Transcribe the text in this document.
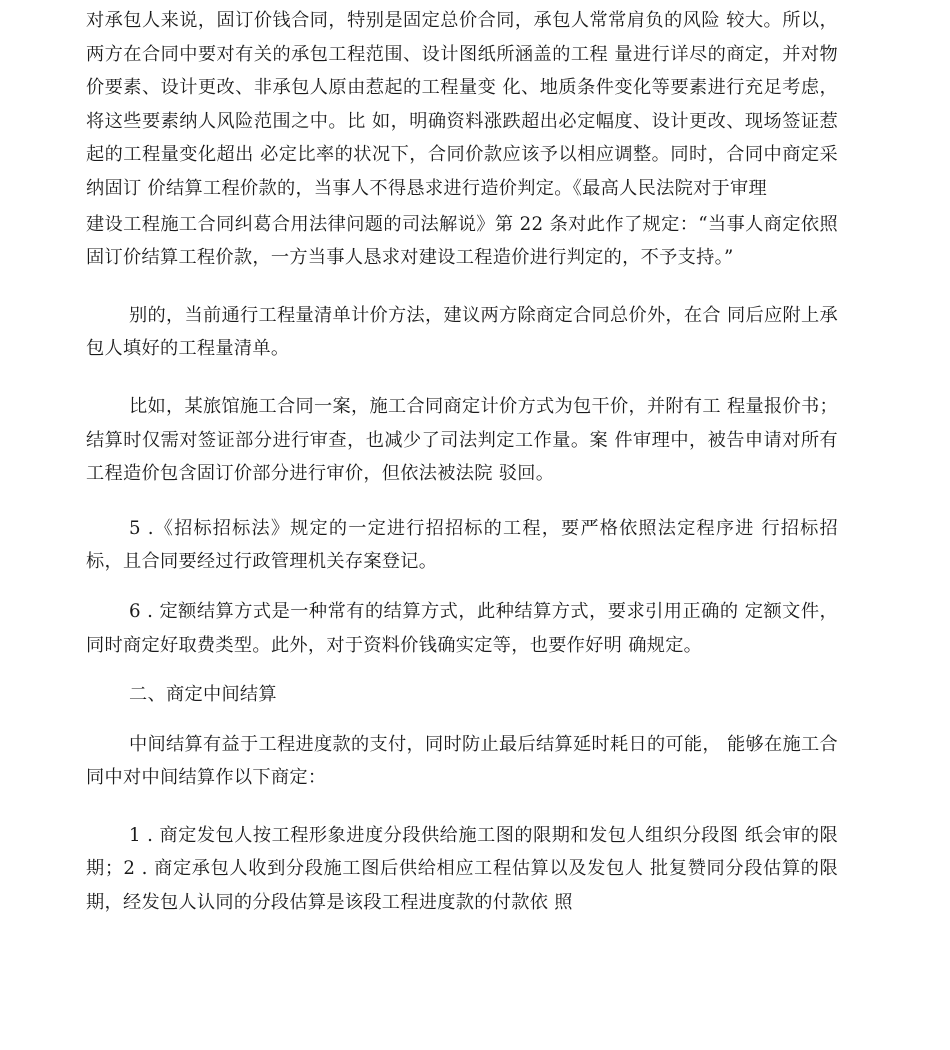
对承包人来说，固订价钱合同，特别是固定总价合同，承包人常常肩负的风险 较大。所以，两方在合同中要对有关的承包工程范围、设计图纸所涵盖的工程 量进行详尽的商定，并对物价要素、设计更改、非承包人原由惹起的工程量变 化、地质条件变化等要素进行充足考虑，将这些要素纳人风险范围之中。比 如，明确资料涨跌超出必定幅度、设计更改、现场签证惹起的工程量变化超出 必定比率的状况下，合同价款应该予以相应调整。同时，合同中商定采纳固订 价结算工程价款的，当事人不得恳求进行造价判定。《最高人民法院对于审理

建设工程施工合同纠葛合用法律问题的司法解说》第 22 条对此作了规定：“当事人商定依照固订价结算工程价款，一方当事人恳求对建设工程造价进行判定的，不予支持。”

别的，当前通行工程量清单计价方法，建议两方除商定合同总价外，在合 同后应附上承包人填好的工程量清单。

比如，某旅馆施工合同一案，施工合同商定计价方式为包干价，并附有工 程量报价书；结算时仅需对签证部分进行审查，也减少了司法判定工作量。案 件审理中，被告申请对所有工程造价包含固订价部分进行审价，但依法被法院 驳回。

5 .《招标招标法》规定的一定进行招招标的工程，要严格依照法定程序进 行招标招标，且合同要经过行政管理机关存案登记。

6 . 定额结算方式是一种常有的结算方式，此种结算方式，要求引用正确的 定额文件，同时商定好取费类型。此外，对于资料价钱确实定等，也要作好明 确规定。

二、商定中间结算

中间结算有益于工程进度款的支付，同时防止最后结算延时耗日的可能， 能够在施工合同中对中间结算作以下商定：

1 . 商定发包人按工程形象进度分段供给施工图的限期和发包人组织分段图 纸会审的限期；2 . 商定承包人收到分段施工图后供给相应工程估算以及发包人 批复赞同分段估算的限期，经发包人认同的分段估算是该段工程进度款的付款依 照
